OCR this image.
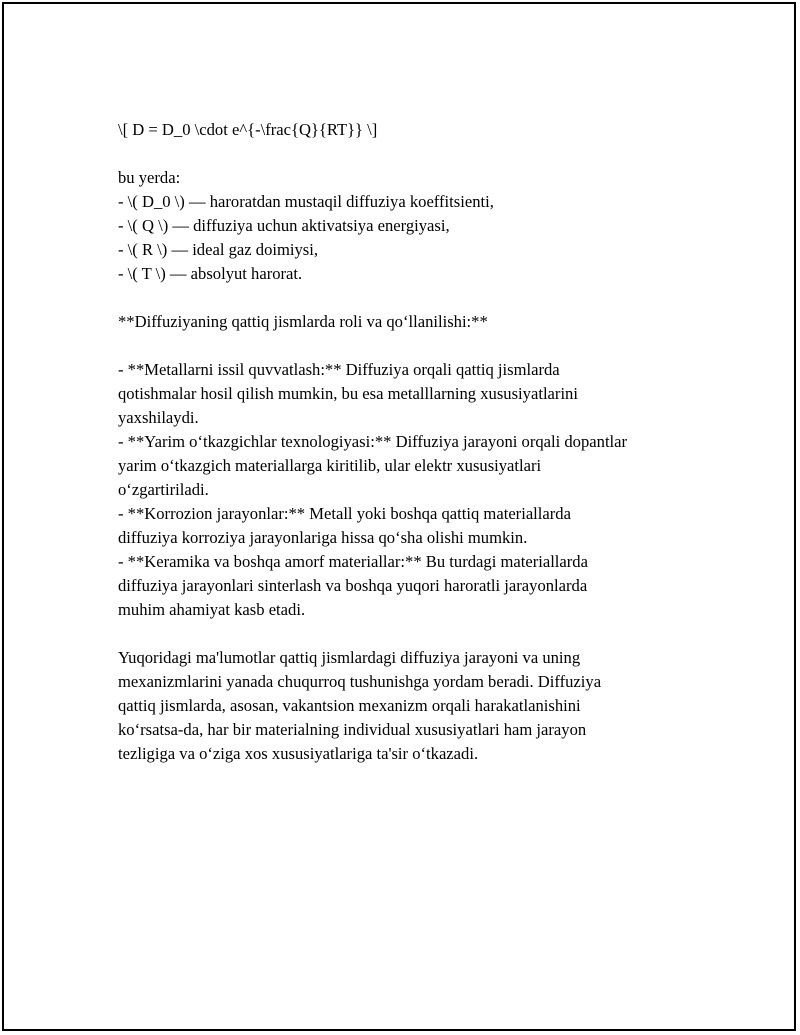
\[ D = D_0 \cdot e^{-\frac{Q}{RT}} \]

bu yerda:

- \( D_0 \) — haroratdan mustaqil diffuziya koeffitsienti,

- \( Q \) — diffuziya uchun aktivatsiya energiyasi,

- \( R \) — ideal gaz doimiysi,

- \( T \) — absolyut harorat.

**Diffuziyaning qattiq jismlarda roli va qo‘llanilishi:**

- **Metallarni issil quvvatlash:** Diffuziya orqali qattiq jismlarda

qotishmalar hosil qilish mumkin, bu esa metalllarning xususiyatlarini

yaxshilaydi.

- **Yarim o‘tkazgichlar texnologiyasi:** Diffuziya jarayoni orqali dopantlar

yarim o‘tkazgich materiallarga kiritilib, ular elektr xususiyatlari

o‘zgartiriladi.

- **Korrozion jarayonlar:** Metall yoki boshqa qattiq materiallarda

diffuziya korroziya jarayonlariga hissa qo‘sha olishi mumkin.

- **Keramika va boshqa amorf materiallar:** Bu turdagi materiallarda

diffuziya jarayonlari sinterlash va boshqa yuqori haroratli jarayonlarda

muhim ahamiyat kasb etadi.

Yuqoridagi ma'lumotlar qattiq jismlardagi diffuziya jarayoni va uning

mexanizmlarini yanada chuqurroq tushunishga yordam beradi. Diffuziya

qattiq jismlarda, asosan, vakantsion mexanizm orqali harakatlanishini

ko‘rsatsa-da, har bir materialning individual xususiyatlari ham jarayon

tezligiga va o‘ziga xos xususiyatlariga ta'sir o‘tkazadi.
